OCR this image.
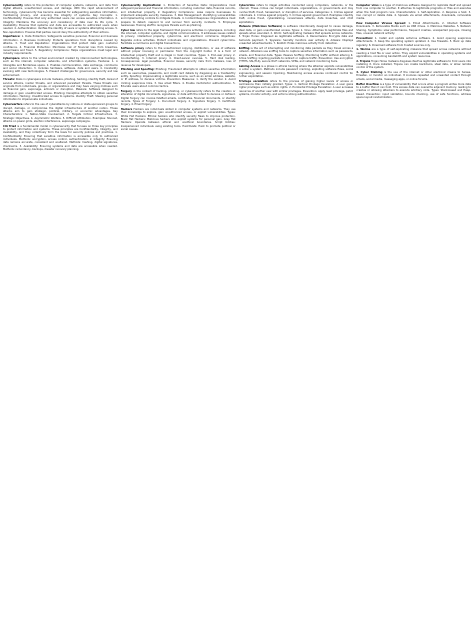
Cybersecurity refers to the protection of computer systems, networks, and data from digital attacks, unauthorized access, and damage. With the rapid advancement of technology, cybersecurity has become essential for safeguarding sensitive information, maintaining privacy, and ensuring the integrity of systems. Key Concepts: 1. Confidentiality: Ensures that only authorized users can access sensitive information. 2. Integrity: Maintains the accuracy and consistency of data over its life cycle. 3. Availability: Ensures that systems and data are accessible to authorized users when needed. 4. Authentication: Verifies the identity of users or systems attempting access. 5. Non-repudiation: Ensures that parties cannot deny the authenticity of their actions.

Importance: 1. Data Protection: Safeguards sensitive personal, financial and business information. 2. Business Continuity: Protects operations from disruptions caused by attacks. 3. Trust and Reputation: Organizations that protect data gain customer confidence. 4. Financial Protection: Minimizes risk of financial loss from breaches, ransomware and fraud. 5. Regulatory Compliance: Helps organizations meet legal and industry requirements.

Cyberspace refers to the virtual environment created by interconnected technologies, such as the internet, computer networks, and information systems. Features: 1. A Intangible and Borderless space. 2. Enables communication, data exchange, commerce and social interaction. 3. Includes hardware, software, data and users. 4. Constantly evolving with new technologies. 5. Present challenges for governance, security and law enforcement.

Threats: Risks in cyberspace include malware, phishing, hacking, identity theft, denial of service attacks, insider threats, and advanced persistent threats. These threats can originate from individuals, groups, or organizations and may have varying motives such as financial gain, espionage, activism or disruption. Malware: Software designed to damage or gain unauthorized access. Phishing: Deceptive attempts to obtain sensitive information. Hacking: Unauthorized access to systems. Identity Theft: Stealing personal information to impersonate individuals.

Cyberwarfare refers to the use of cyberattacks by nations or state-sponsored groups to disrupt, damage, or compromise the digital infrastructure of another nation. These attacks aim to gain strategic, political, military, or economic advantages. Key Characteristics: 1. Nation-State Involvement. 2. Targets Critical Infrastructure. 3. Strategic Objectives. 4. Asymmetric Warfare. 5. Difficult Attribution. Examples: Stuxnet, attacks on power grids, election interference, espionage campaigns.

CIA Triad is a fundamental model in cybersecurity that focuses on three key principles to protect information and systems. These principles are Confidentiality, Integrity, and Availability, and they collectively form the basis for security policies and practices. 1. Confidentiality: Ensuring that sensitive information is accessible only to authorized individuals. Methods: encryption, access control, authentication. 2. Integrity: Ensuring data remains accurate, consistent and unaltered. Methods: hashing, digital signatures, checksums. 3. Availability: Ensuring systems and data are accessible when needed. Methods: redundancy, backups, disaster recovery planning.

Cybersecurity Implications: 1. Protection of Sensitive Data: Organizations must safeguard personal and financial information, including customer data, financial records, and intellectual property. 2. Regulatory Compliance: Laws require businesses to implement adequate security measures. 3. Risk Management: Identifying vulnerabilities and implementing controls to mitigate threats. 4. Incident Response: Organizations must prepare to detect, respond to and recover from security incidents. 5. Employee Awareness: Training staff to recognize threats such as phishing.

Cyber law refers to the legal framework that governs activities in cyberspace, including the internet, computer systems, and digital communications. It addresses issues related to privacy, intellectual property, cybercrime, and electronic commerce. Objectives: Regulate online activities. Protect individuals and organizations. Prevent cybercrime. Facilitate e-commerce and digital transactions.

Software piracy refers to the unauthorized copying, distribution, or use of software without proper licensing or permission from the copyright holder. It is a form of intellectual property theft and is illegal in most countries. Types: 1. End-user piracy. 2. Counterfeiting. 3. Internet piracy. 4. Client-server overuse. 5. Hard disk loading. Consequences: legal penalties, financial losses, security risks from malware, loss of revenue for developers.

Phishing and Spoofing: Phishing: Fraudulent attempts to obtain sensitive information such as usernames, passwords, and credit card details by disguising as a trustworthy entity. Spoofing: Impersonating a legitimate source, such as an email address, website, or IP address, to deceive victims. Prevention Measures: 1. Verify the sender. 2. Avoid clicking suspicious links. 3. Use email filters. 4. Enable multi-factor authentication. 5. Educate users about common tactics.

Forgery in the context of hacking, phishing, or cybersecurity refers to the creation or alteration of digital documents, signatures, or data with the intent to deceive or defraud. Digital forgery can involve falsified emails, certificates, financial documents, or identity records. Types of Forgery: 1. Document forgery. 2. Signature forgery. 3. Certificate forgery. 4. Email forgery.

Hackers Hackers are individuals skilled in computer systems and networks. They use their knowledge to explore, gain unauthorized access, or exploit vulnerabilities. Types: White Hat Hackers: Ethical hackers who identify security flaws to improve protection. Black Hat Hackers: Malicious hackers who exploit systems for personal gain. Grey Hat Hackers: Operate between ethical and unethical boundaries. Script Kiddies: Inexperienced individuals using existing tools. Hacktivists: Hack to promote political or social causes.

Cybercrime refers to illegal activities conducted using computers, networks, or the internet. These crimes can target individuals, organizations, or governments and may involve theft, fraud, harassment, or disruption of services. Categories: 1. Crimes against individuals. 2. Crimes against property. 3. Crimes against government. Examples: identity theft, online fraud, cyberstalking, ransomware attacks, data breaches, and child exploitation.

Malware (Malicious Software) is software intentionally designed to cause damage, steal data, or gain unauthorized access. Types: 1. Virus: Attaches to legitimate files and spreads when executed. 2. Worm: Self-replicating malware that spreads across networks. 3. Trojan Horse: Disguised as legitimate software. 4. Ransomware: Encrypts data and demands payment. 5. Spyware: Secretly monitors user activity. 6. Adware: Displays unwanted advertisements. 7. Rootkit: Hides malicious activity from detection.

Sniffing is the act of intercepting and monitoring data packets as they travel across a network. Attackers use sniffing tools to capture sensitive information such as passwords, emails, and financial data. Types: Passive Sniffing: Monitoring traffic without altering it. Active Sniffing: Injecting packets to redirect or capture traffic. Prevention: Use encryption (HTTPS, SSL/TLS), secure Wi-Fi networks, VPNs, and network monitoring tools.

Gaining Access is a phase in ethical hacking where the attacker exploits vulnerabilities to enter a system. Methods include password cracking, exploiting software flaws, social engineering, and session hijacking. Maintaining access ensures continued control for further exploitation.

Privilege escalation refers to the process of gaining higher levels of access or permissions than initially granted. Types: 1. Vertical Privilege Escalation: A user gains higher privileges such as admin rights. 2. Horizontal Privilege Escalation: A user accesses resources of another user with similar privileges. Prevention: apply least privilege, patch systems, monitor activity, and enforce strong authentication.

Computer virus is a type of malicious software designed to replicate itself and spread from one computer to another. It attaches to legitimate programs or files and executes when the host program runs. Characteristics: 1. Self-replication. 2. Requires a host. 3. Can corrupt or delete data. 4. Spreads via email attachments, downloads, removable media.

How Computer Viruses Spread: 1. Email Attachments. 2. Infected Software Downloads. 3. Removable Media such as USB drives. 4. Malicious Websites. 5. Network Sharing. Symptoms: slow performance, frequent crashes, unexpected pop-ups, missing files, unusual network activity.

Prevention: 1. Install and update antivirus software. 2. Avoid opening suspicious attachments. 3. Keep the operating system updated. 4. Use firewalls. 5. Back up data regularly. 6. Download software from trusted sources only.

1. Worms are a type of self-replicating malware that spread across networks without needing a host file or user action. They exploit vulnerabilities in operating systems and applications, consuming bandwidth and system resources.

2. Trojans Trojan Horse malware disguises itself as legitimate software to trick users into installing it. Once installed, Trojans can create backdoors, steal data, or allow remote control of the system.

3. Cyber Stalking is the use of the internet or other electronic means to harass, threaten, or monitor an individual. It involves repeated and unwanted contact through emails, social media, messaging apps, or online forums.

Buffer Overflow is a type of vulnerability that occurs when a program writes more data to a buffer than it can hold. This excess data can overwrite adjacent memory, leading to crashes or allowing attackers to execute arbitrary code. Types: Stack-based and Heap-based. Prevention: input validation, bounds checking, use of safe functions, address space layout randomization.
